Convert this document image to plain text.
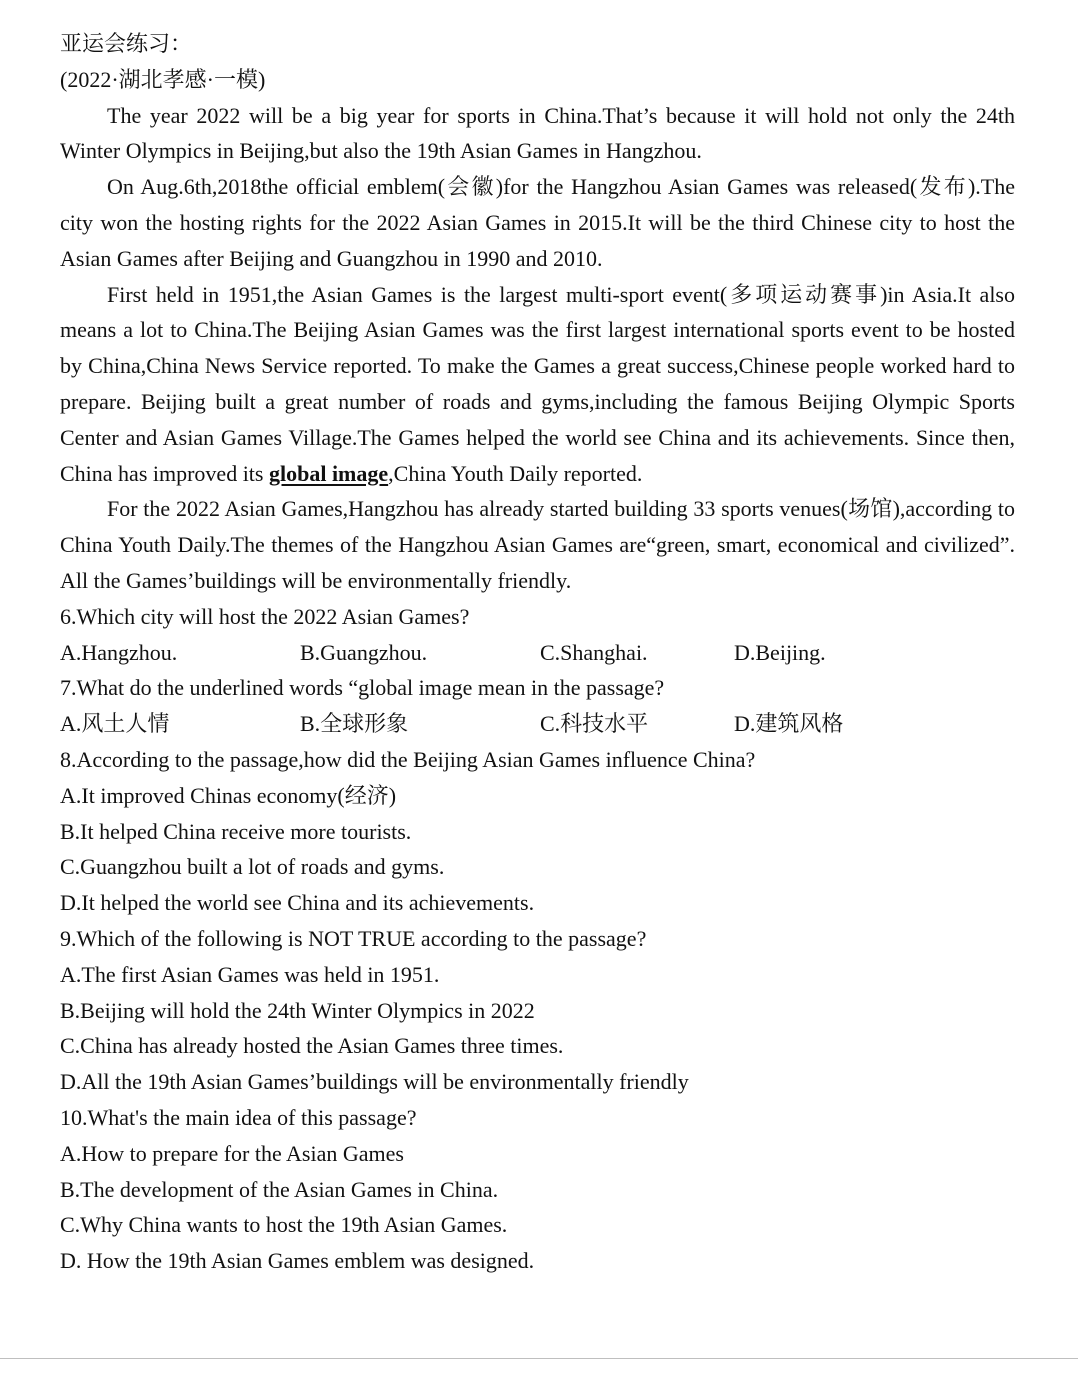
亚运会练习：
(2022·湖北孝感·一模)

The year 2022 will be a big year for sports in China.That’s because it will hold not only the 24th Winter Olympics in Beijing,but also the 19th Asian Games in Hangzhou.

On Aug.6th,2018the official emblem(会徽)for the Hangzhou Asian Games was released(发布).The city won the hosting rights for the 2022 Asian Games in 2015.It will be the third Chinese city to host the Asian Games after Beijing and Guangzhou in 1990 and 2010.

First held in 1951,the Asian Games is the largest multi-sport event(多项运动赛事)in Asia.It also means a lot to China.The Beijing Asian Games was the first largest international sports event to be hosted by China,China News Service reported. To make the Games a great success,Chinese people worked hard to prepare. Beijing built a great number of roads and gyms,including the famous Beijing Olympic Sports Center and Asian Games Village.The Games helped the world see China and its achievements. Since then, China has improved its global image,China Youth Daily reported.

For the 2022 Asian Games,Hangzhou has already started building 33 sports venues(场馆),according to China Youth Daily.The themes of the Hangzhou Asian Games are“green, smart, economical and civilized”. All the Games’buildings will be environmentally friendly.

6.Which city will host the 2022 Asian Games?
A.Hangzhou.	B.Guangzhou.	C.Shanghai.	D.Beijing.
7.What do the underlined words “global image mean in the passage?
A.风土人情	B.全球形象	C.科技水平	D.建筑风格
8.According to the passage,how did the Beijing Asian Games influence China?
A.It improved Chinas economy(经济)
B.It helped China receive more tourists.
C.Guangzhou built a lot of roads and gyms.
D.It helped the world see China and its achievements.
9.Which of the following is NOT TRUE according to the passage?
A.The first Asian Games was held in 1951.
B.Beijing will hold the 24th Winter Olympics in 2022
C.China has already hosted the Asian Games three times.
D.All the 19th Asian Games’buildings will be environmentally friendly
10.What's the main idea of this passage?
A.How to prepare for the Asian Games
B.The development of the Asian Games in China.
C.Why China wants to host the 19th Asian Games.
D. How the 19th Asian Games emblem was designed.
